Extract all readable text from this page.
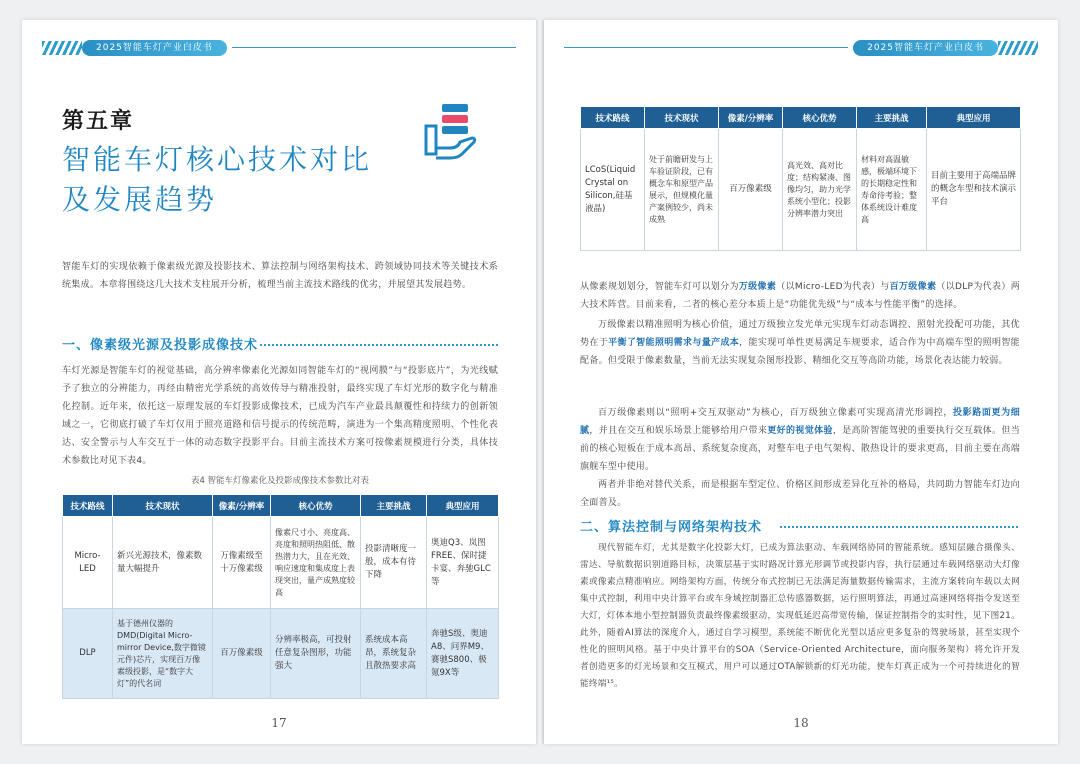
2025智能车灯产业白皮书
第五章
智能车灯核心技术对比及发展趋势
智能车灯的实现依赖于像素级光源及投影技术、算法控制与网络架构技术、跨领域协同技术等关键技术系统集成。本章将围绕这几大技术支柱展开分析，梳理当前主流技术路线的优劣，并展望其发展趋势。
一、像素级光源及投影成像技术
车灯光源是智能车灯的视觉基础，高分辨率像素化光源如同智能车灯的“视网膜”与“投影底片”，为光线赋予了独立的分辨能力，再经由精密光学系统的高效传导与精准投射，最终实现了车灯光形的数字化与精准化控制。近年来，依托这一原理发展的车灯投影成像技术，已成为汽车产业最具颠覆性和持续力的创新领域之一，它彻底打破了车灯仅用于照亮道路和信号提示的传统范畴，演进为一个集高精度照明、个性化表达、安全警示与人车交互于一体的动态数字投影平台。目前主流技术方案可按像素规模进行分类，具体技术参数比对见下表4。
表4 智能车灯像素化及投影成像技术参数比对表
技术路线	技术现状	像素/分辨率	核心优势	主要挑战	典型应用
Micro-LED	新兴光源技术，像素数量大幅提升	万像素级至十万像素级	像素尺寸小、亮度高、亮度和照明热阻低、散热潜力大，且在光效、响应速度和集成度上表现突出，量产成熟度较高	投影清晰度一般，成本有待下降	奥迪Q3、岚图FREE、保时捷卡宴、奔驰GLC等
DLP	基于德州仪器的DMD(Digital Micro-mirror Device,数字微镜元件)芯片，实现百万像素级投影，是“数字大灯”的代名词	百万像素级	分辨率极高，可投射任意复杂图形，功能强大	系统成本高昂，系统复杂且散热要求高	奔驰S级、奥迪A8、问界M9、赛驰S800、极氪9X等
17
2025智能车灯产业白皮书
技术路线	技术现状	像素/分辨率	核心优势	主要挑战	典型应用
LCoS(Liquid Crystal on Silicon,硅基液晶)	处于前瞻研发与上车验证阶段，已有概念车和原型产品展示，但规模化量产案例较少，尚未成熟	百万像素级	高光效、高对比度；结构紧凑、图像均匀，助力光学系统小型化；投影分辨率潜力突出	材料对高温敏感，极端环境下的长期稳定性和寿命待考验；整体系统设计难度高	目前主要用于高端品牌的概念车型和技术演示平台
从像素规划划分，智能车灯可以划分为万级像素（以Micro-LED为代表）与百万级像素（以DLP为代表）两大技术阵营。目前来看，二者的核心差分本质上是“功能优先级”与“成本与性能平衡”的选择。
万级像素以精准照明为核心价值，通过万级独立发光单元实现车灯动态调控、照射光投配可功能，其优势在于平衡了智能照明需求与量产成本，能实现可单性更易满足车规要求，适合作为中高端车型的照明智能配备。但受限于像素数量，当前无法实现复杂图形投影、精细化交互等高阶功能，场景化表达能力较弱。
百万级像素则以“照明+交互双驱动”为核心，百万级独立像素可实现高清光形调控，投影路面更为细腻，并且在交互和娱乐场景上能够给用户带来更好的视觉体验，是高阶智能驾驶的重要执行交互载体。但当前的核心短板在于成本高昂、系统复杂度高，对整车电子电气架构、散热设计的要求更高，目前主要在高端旗舰车型中使用。
两者并非绝对替代关系，而是根据车型定位、价格区间形成差异化互补的格局，共同助力智能车灯边向全面普及。
二、算法控制与网络架构技术
现代智能车灯，尤其是数字化投影大灯，已成为算法驱动、车载网络协同的智能系统。感知层融合摄像头、雷达、导航数据识别道路目标，决策层基于实时路况计算光形调节或投影内容，执行层通过车载网络驱动大灯像素或像素点精准响应。网络架构方面，传统分布式控制已无法满足海量数据传输需求，主流方案转向车载以太网集中式控制，利用中央计算平台或车身域控制器汇总传感器数据，运行照明算法，再通过高速网络将指令发送至大灯，灯体本地小型控制器负责最终像素级驱动，实现低延迟高带宽传输，保证控制指令的实时性，见下图21。此外，随着AI算法的深度介入，通过自学习模型，系统能不断优化光型以适应更多复杂的驾驶场景，甚至实现个性化的照明风格。基于中央计算平台的SOA（Service-Oriented Architecture，面向服务架构）将允许开发者创造更多的灯光场景和交互模式，用户可以通过OTA解锁新的灯光功能，使车灯真正成为一个可持续进化的智能终端¹⁵。
18
